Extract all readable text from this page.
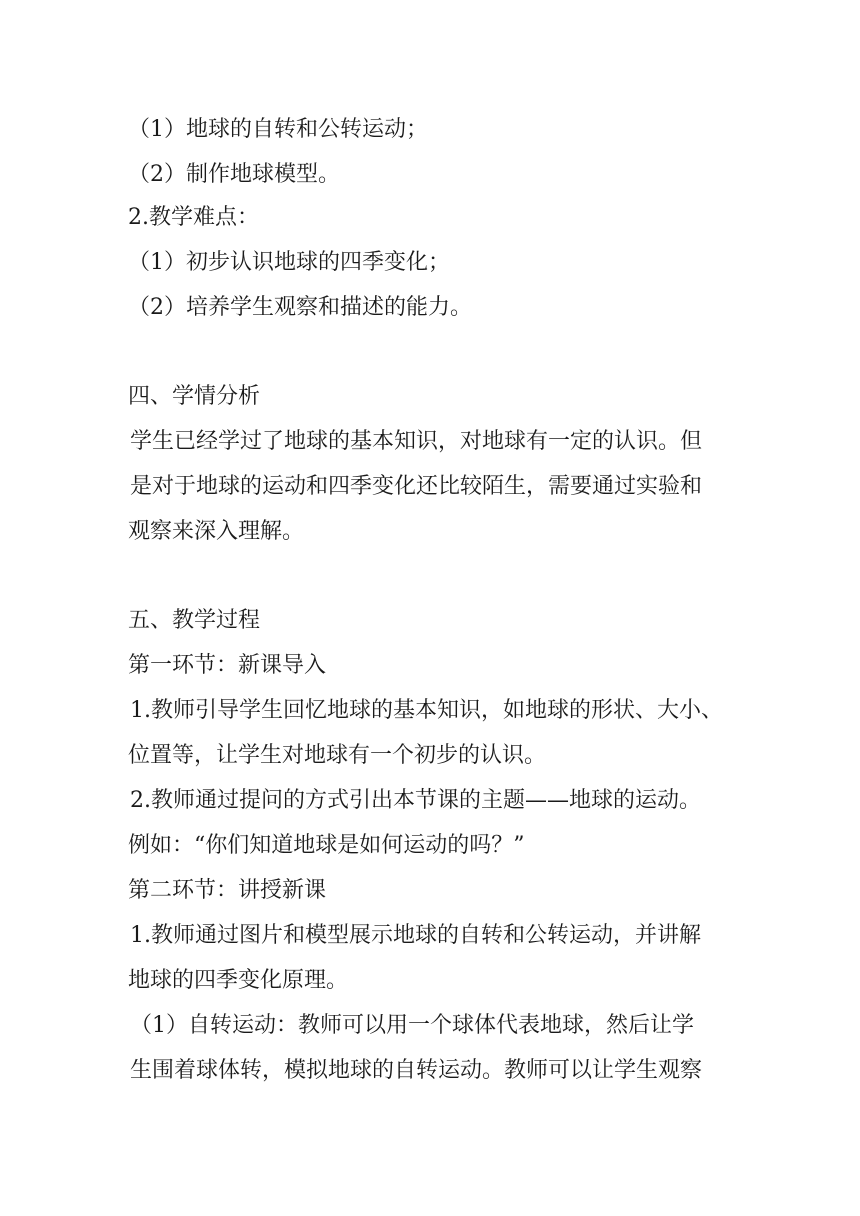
（1）地球的自转和公转运动；
（2）制作地球模型。
2.教学难点：
（1）初步认识地球的四季变化；
（2）培养学生观察和描述的能力。
四、学情分析
学生已经学过了地球的基本知识，对地球有一定的认识。但
是对于地球的运动和四季变化还比较陌生，需要通过实验和
观察来深入理解。
五、教学过程
第一环节：新课导入
1.教师引导学生回忆地球的基本知识，如地球的形状、大小、
位置等，让学生对地球有一个初步的认识。
2.教师通过提问的方式引出本节课的主题——地球的运动。
例如：“你们知道地球是如何运动的吗？”
第二环节：讲授新课
1.教师通过图片和模型展示地球的自转和公转运动，并讲解
地球的四季变化原理。
（1）自转运动：教师可以用一个球体代表地球，然后让学
生围着球体转，模拟地球的自转运动。教师可以让学生观察
